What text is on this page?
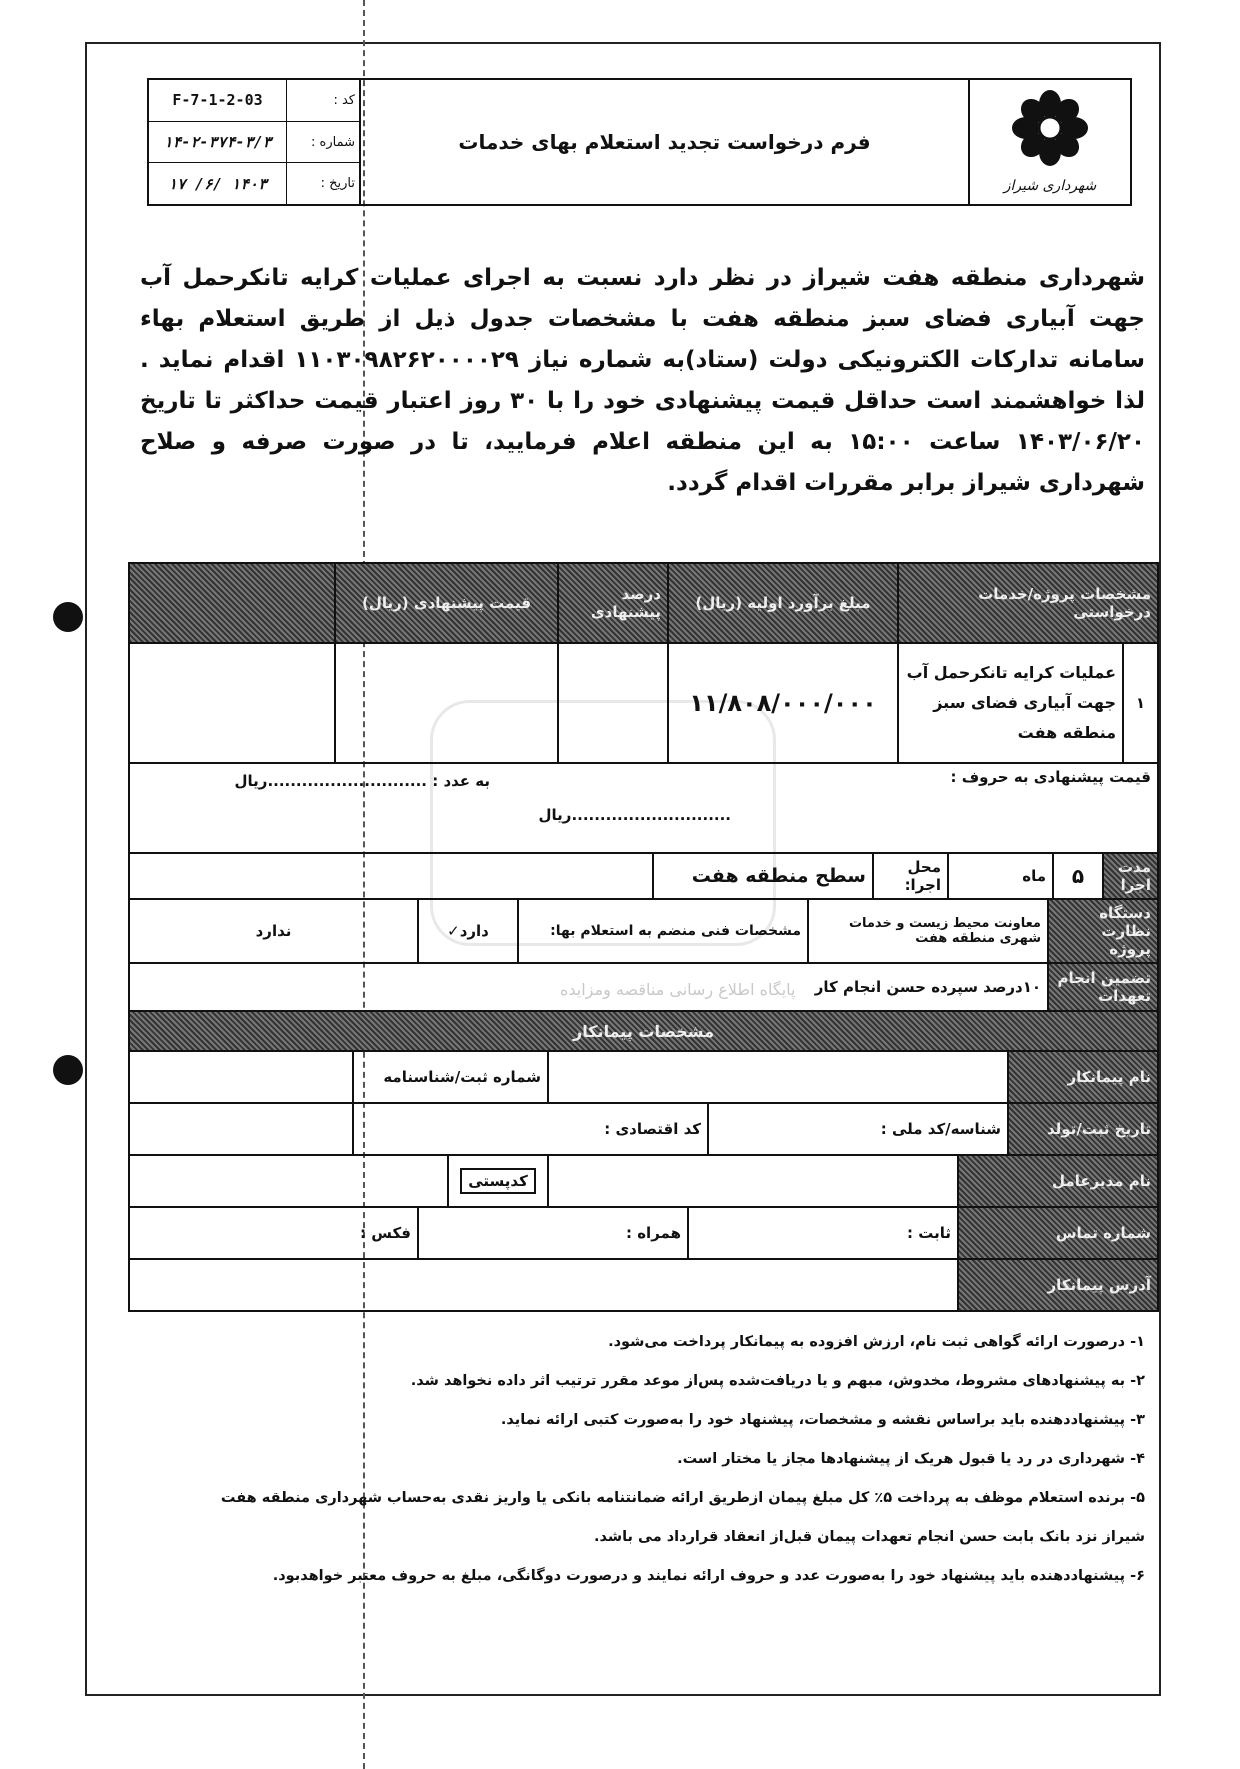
شهرداری شیراز
فرم درخواست تجدید استعلام بهای خدمات
کد :
F-7-1-2-03
شماره :
۱۴-۲-۳۷۴-۳/۳
تاریخ :
۱۴۰۳ /۶/ ۱۷
شهرداری منطقه هفت شیراز در نظر دارد نسبت به اجرای عملیات کرایه تانکرحمل آب جهت آبیاری فضای سبز منطقه هفت با مشخصات جدول ذیل از طریق استعلام بهاء سامانه تدارکات الکترونیکی دولت (ستاد)به شماره نیاز ۱۱۰۳۰۹۸۲۶۲۰۰۰۰۲۹ اقدام نماید . لذا خواهشمند است حداقل قیمت پیشنهادی خود را با ۳۰ روز اعتبار قیمت حداکثر تا تاریخ ۱۴۰۳/۰۶/۲۰ ساعت ۱۵:۰۰ به این منطقه اعلام فرمایید، تا در صورت صرفه و صلاح شهرداری شیراز برابر مقررات اقدام گردد.
پایگاه اطلاع رسانی مناقصه ومزایده
مشخصات پروژه/خدمات درخواستی
مبلغ برآورد اولیه (ریال)
درصد پیشنهادی
قیمت پیشنهادی (ریال)
۱
عملیات کرایه تانکرحمل آب جهت آبیاری فضای سبز منطقه هفت
۱۱/۸۰۸/۰۰۰/۰۰۰
قیمت پیشنهادی به حروف :
............................ریال
به عدد : ............................ریال
مدت اجرا
۵
ماه
محل اجرا:
سطح منطقه هفت
دستگاه نظارت پروژه
معاونت محیط زیست و خدمات شهری منطقه هفت
مشخصات فنی منضم به استعلام بها:
دارد
✓
ندارد
تضمین انجام تعهدات
۱۰درصد سپرده حسن انجام کار
مشخصات پیمانکار
نام پیمانکار
شماره ثبت/شناسنامه
تاریخ ثبت/تولد
شناسه/کد ملی :
کد اقتصادی :
نام مدیرعامل
کدپستی
شماره تماس
ثابت :
همراه :
فکس :
آدرس پیمانکار
۱- درصورت ارائه گواهی ثبت نام، ارزش افزوده به پیمانکار پرداخت می‌شود.
۲- به پیشنهادهای مشروط، مخدوش، مبهم و یا دریافت‌شده پس‌از موعد مقرر ترتیب اثر داده نخواهد شد.
۳- پیشنهاددهنده باید براساس نقشه و مشخصات، پیشنهاد خود را به‌صورت کتبی ارائه نماید.
۴- شهرداری در رد یا قبول هریک از پیشنهادها مجاز یا مختار است.
۵- برنده استعلام موظف به پرداخت ۵٪ کل مبلغ پیمان ازطریق ارائه ضمانتنامه بانکی یا واریز نقدی به‌حساب شهرداری منطقه هفت
شیراز نزد بانک بابت حسن انجام تعهدات پیمان قبل‌از انعقاد قرارداد می باشد.
۶- پیشنهاددهنده باید پیشنهاد خود را به‌صورت عدد و حروف ارائه نمایند و درصورت دوگانگی، مبلغ به حروف معتبر خواهدبود.
